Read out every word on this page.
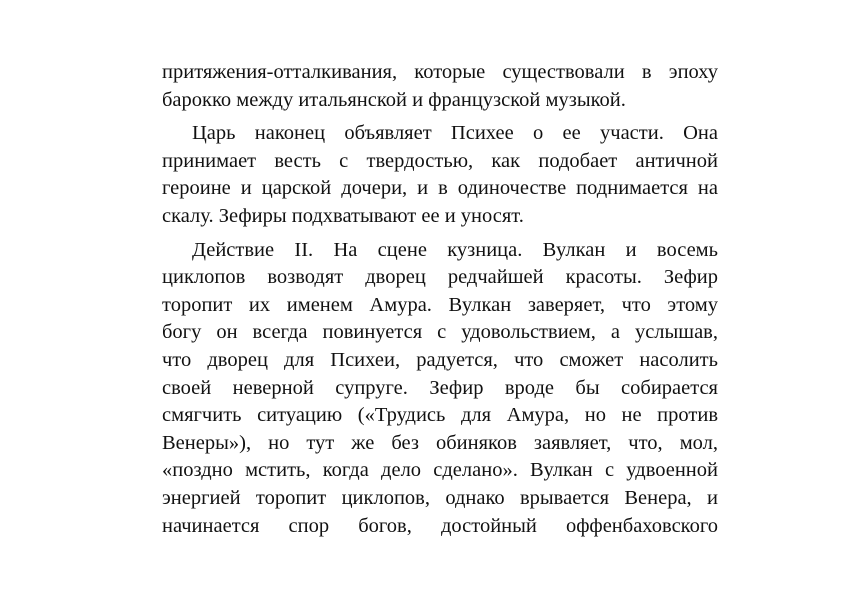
притяжения-отталкивания, которые существовали в эпоху
барокко между итальянской и французской музыкой.
Царь наконец объявляет Психее о ее участи. Она
принимает весть с твердостью, как подобает античной
героине и царской дочери, и в одиночестве поднимается на
скалу. Зефиры подхватывают ее и уносят.
Действие II. На сцене кузница. Вулкан и восемь
циклопов возводят дворец редчайшей красоты. Зефир
торопит их именем Амура. Вулкан заверяет, что этому
богу он всегда повинуется с удовольствием, а услышав,
что дворец для Психеи, радуется, что сможет насолить
своей неверной супруге. Зефир вроде бы собирается
смягчить ситуацию («Трудись для Амура, но не против
Венеры»), но тут же без обиняков заявляет, что, мол,
«поздно мстить, когда дело сделано». Вулкан с удвоенной
энергией торопит циклопов, однако врывается Венера, и
начинается спор богов, достойный оффенбаховского
